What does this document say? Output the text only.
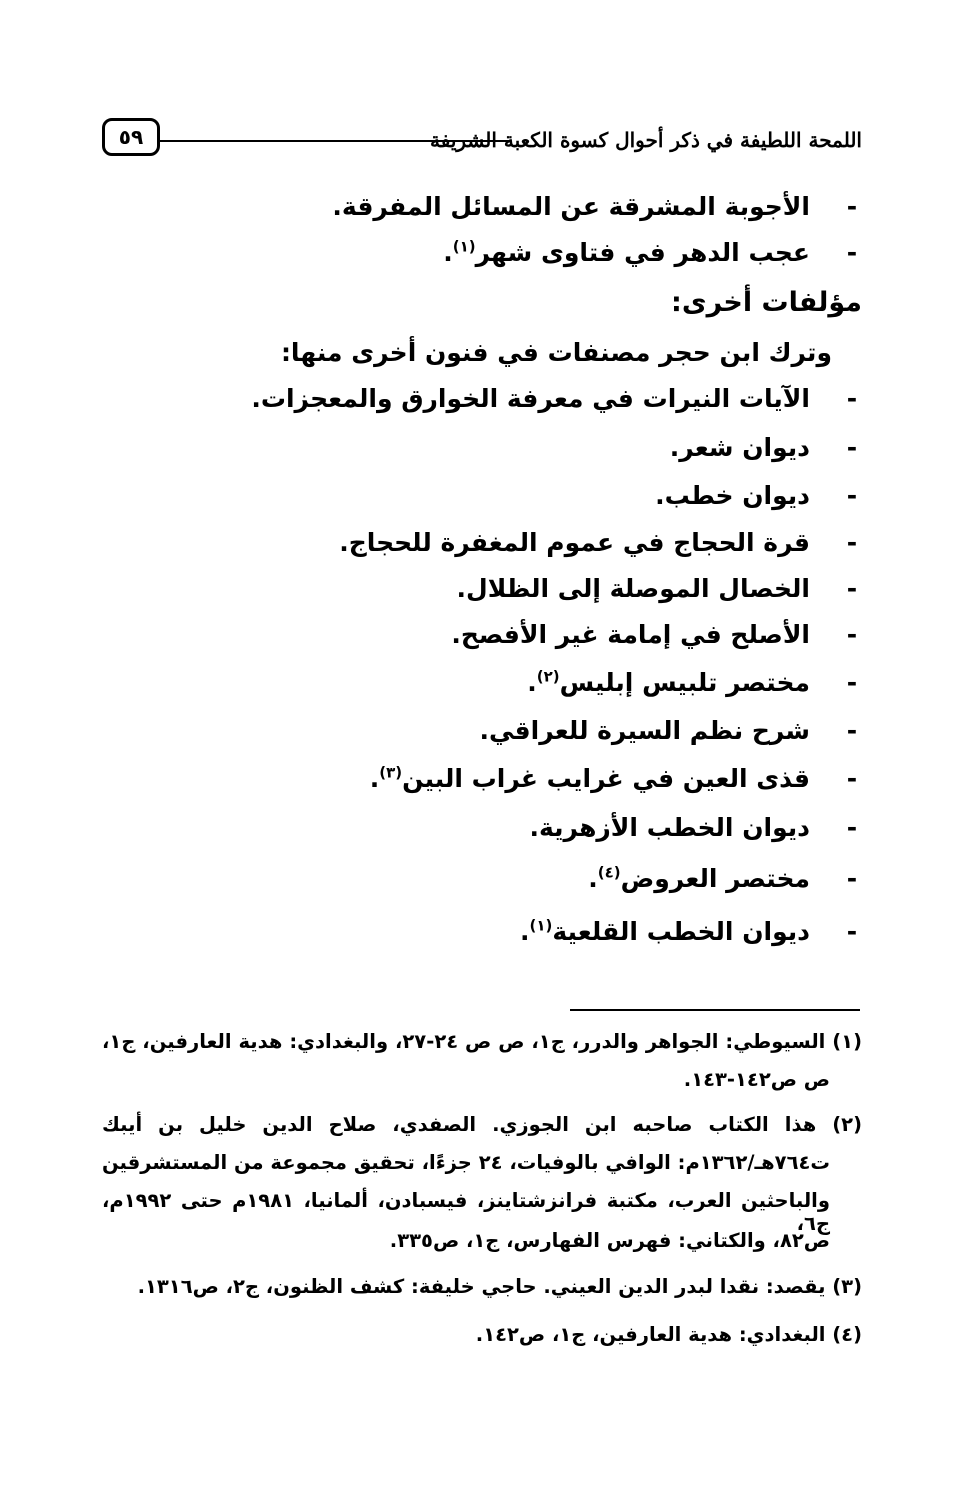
اللمحة اللطيفة في ذكر أحوال كسوة الكعبة الشريفة
٥٩
-
الأجوبة المشرقة عن المسائل المفرقة.
-
عجب الدهر في فتاوى شهر$^{(١)}$.
مؤلفات أخرى:
وترك ابن حجر مصنفات في فنون أخرى منها:
-
الآيات النيرات في معرفة الخوارق والمعجزات.
-
ديوان شعر.
-
ديوان خطب.
-
قرة الحجاج في عموم المغفرة للحجاج.
-
الخصال الموصلة إلى الظلال.
-
الأصلح في إمامة غير الأفصح.
-
مختصر تلبيس إبليس$^{(٢)}$.
-
شرح نظم السيرة للعراقي.
-
قذى العين في غرايب غراب البين$^{(٣)}$.
-
ديوان الخطب الأزهرية.
-
مختصر العروض$^{(٤)}$.
-
ديوان الخطب القلعية$^{(١)}$.
(١) السيوطي: الجواهر والدرر، ج١، ص ص ٢٤-٢٧، والبغدادي: هدية العارفين، ج١،
ص ص١٤٢-١٤٣.
(٢) هذا الكتاب صاحبه ابن الجوزي. الصفدي، صلاح الدين خليل بن أيبك
ت٧٦٤هـ/١٣٦٢م: الوافي بالوفيات، ٢٤ جزءًا، تحقيق مجموعة من المستشرقين
والباحثين العرب، مكتبة فرانزشتاينز، فيسبادن، ألمانيا، ١٩٨١م حتى ١٩٩٢م، ج٦،
ص٨٢، والكتاني: فهرس الفهارس، ج١، ص٣٣٥.
(٣) يقصد: نقدا لبدر الدين العيني. حاجي خليفة: كشف الظنون، ج٢، ص١٣١٦.
(٤) البغدادي: هدية العارفين، ج١، ص١٤٢.
